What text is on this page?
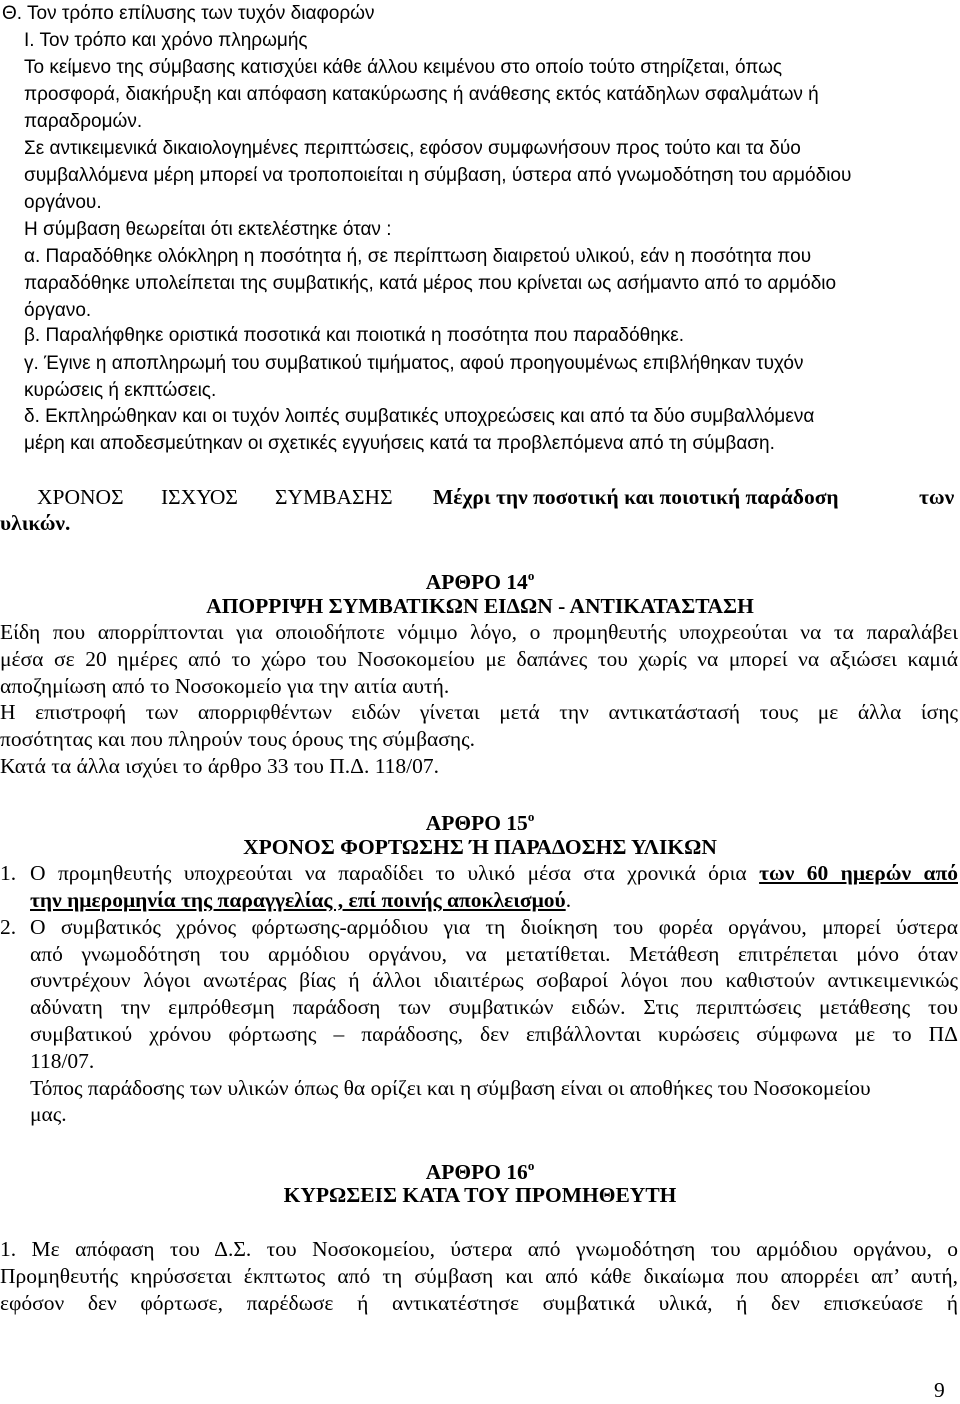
Θ. Τον τρόπο επίλυσης των τυχόν διαφορών
Ι. Τον τρόπο και χρόνο πληρωμής
Το κείμενο της σύμβασης κατισχύει κάθε άλλου κειμένου στο οποίο τούτο στηρίζεται, όπως
προσφορά, διακήρυξη και απόφαση κατακύρωσης ή ανάθεσης εκτός κατάδηλων σφαλμάτων ή
παραδρομών.
Σε αντικειμενικά δικαιολογημένες περιπτώσεις, εφόσον συμφωνήσουν προς τούτο και τα δύο
συμβαλλόμενα μέρη μπορεί να τροποποιείται η σύμβαση, ύστερα από γνωμοδότηση του αρμόδιου
οργάνου.
Η σύμβαση θεωρείται ότι εκτελέστηκε όταν :
α. Παραδόθηκε ολόκληρη η ποσότητα ή, σε περίπτωση διαιρετού υλικού, εάν η ποσότητα που
παραδόθηκε υπολείπεται της συμβατικής, κατά μέρος που κρίνεται ως ασήμαντο από το αρμόδιο
όργανο.
β. Παραλήφθηκε οριστικά ποσοτικά και ποιοτικά η ποσότητα που παραδόθηκε.
γ. Έγινε η αποπληρωμή του συμβατικού τιμήματος, αφού προηγουμένως επιβλήθηκαν τυχόν
κυρώσεις ή εκπτώσεις.
δ. Εκπληρώθηκαν και οι τυχόν λοιπές συμβατικές υποχρεώσεις και από τα δύο συμβαλλόμενα
μέρη και αποδεσμεύτηκαν οι σχετικές εγγυήσεις κατά τα προβλεπόμενα από τη σύμβαση.
ΧΡΟΝΟΣ ΙΣΧΥΟΣ ΣΥΜΒΑΣΗΣ Μέχρι την ποσοτική και ποιοτική παράδοση	των
υλικών.
ΑΡΘΡΟ $14^o$
ΑΠΟΡΡΙΨΗ ΣΥΜΒΑΤΙΚΩΝ ΕΙΔΩΝ - ΑΝΤΙΚΑΤΑΣΤΑΣΗ
Είδη που απορρίπτονται για οποιοδήποτε νόμιμο λόγο, ο προμηθευτής υποχρεούται να τα παραλάβει
μέσα σε 20 ημέρες από το χώρο του Νοσοκομείου με δαπάνες του χωρίς να μπορεί να αξιώσει καμιά
αποζημίωση από το Νοσοκομείο για την αιτία αυτή.
Η επιστροφή των απορριφθέντων ειδών γίνεται μετά την αντικατάστασή τους με άλλα ίσης
ποσότητας και που πληρούν τους όρους της σύμβασης.
Κατά τα άλλα ισχύει το άρθρο 33 του Π.Δ. 118/07.
ΑΡΘΡΟ $15^o$
ΧΡΟΝΟΣ ΦΟΡΤΩΣΗΣ Ή ΠΑΡΑΔΟΣΗΣ ΥΛΙΚΩΝ
1. Ο προμηθευτής υποχρεούται να παραδίδει το υλικό μέσα στα χρονικά όρια των 60 ημερών από
την ημερομηνία της παραγγελίας , επί ποινής αποκλεισμού.
2. Ο συμβατικός χρόνος φόρτωσης-αρμόδιου για τη διοίκηση του φορέα οργάνου, μπορεί ύστερα
από γνωμοδότηση του αρμόδιου οργάνου, να μετατίθεται. Μετάθεση επιτρέπεται μόνο όταν
συντρέχουν λόγοι ανωτέρας βίας ή άλλοι ιδιαιτέρως σοβαροί λόγοι που καθιστούν αντικειμενικώς
αδύνατη την εμπρόθεσμη παράδοση των συμβατικών ειδών. Στις περιπτώσεις μετάθεσης του
συμβατικού χρόνου φόρτωσης – παράδοσης, δεν επιβάλλονται κυρώσεις σύμφωνα με το ΠΔ
118/07.
Τόπος παράδοσης των υλικών όπως θα ορίζει και η σύμβαση είναι οι αποθήκες του Νοσοκομείου
μας.
ΑΡΘΡΟ $16^o$
ΚΥΡΩΣΕΙΣ ΚΑΤΑ ΤΟΥ ΠΡΟΜΗΘΕΥΤΗ
1. Με απόφαση του Δ.Σ. του Νοσοκομείου, ύστερα από γνωμοδότηση του αρμόδιου οργάνου, ο
Προμηθευτής κηρύσσεται έκπτωτος από τη σύμβαση και από κάθε δικαίωμα που απορρέει απ’ αυτή,
εφόσον δεν φόρτωσε, παρέδωσε ή αντικατέστησε συμβατικά υλικά, ή δεν επισκεύασε ή
9
